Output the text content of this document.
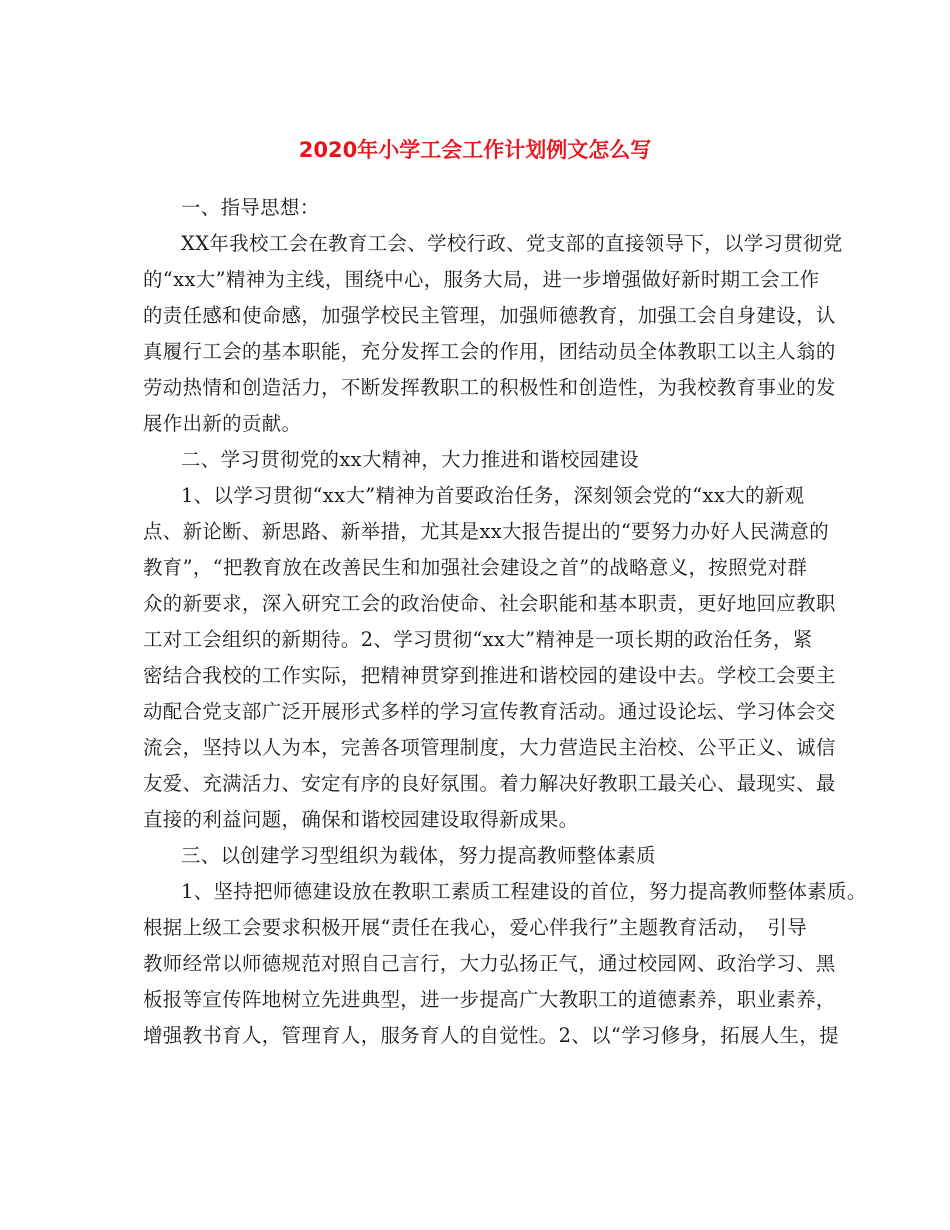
2020年小学工会工作计划例文怎么写
一、指导思想：
XX年我校工会在教育工会、学校行政、党支部的直接领导下，以学习贯彻党
的“xx大”精神为主线，围绕中心，服务大局，进一步增强做好新时期工会工作
的责任感和使命感，加强学校民主管理，加强师德教育，加强工会自身建设，认
真履行工会的基本职能，充分发挥工会的作用，团结动员全体教职工以主人翁的
劳动热情和创造活力，不断发挥教职工的积极性和创造性，为我校教育事业的发
展作出新的贡献。
二、学习贯彻党的xx大精神，大力推进和谐校园建设
1、以学习贯彻“xx大”精神为首要政治任务，深刻领会党的“xx大的新观
点、新论断、新思路、新举措，尤其是xx大报告提出的“要努力办好人民满意的
教育”，“把教育放在改善民生和加强社会建设之首”的战略意义，按照党对群
众的新要求，深入研究工会的政治使命、社会职能和基本职责，更好地回应教职
工对工会组织的新期待。2、学习贯彻“xx大”精神是一项长期的政治任务，紧
密结合我校的工作实际，把精神贯穿到推进和谐校园的建设中去。学校工会要主
动配合党支部广泛开展形式多样的学习宣传教育活动。通过设论坛、学习体会交
流会，坚持以人为本，完善各项管理制度，大力营造民主治校、公平正义、诚信
友爱、充满活力、安定有序的良好氛围。着力解决好教职工最关心、最现实、最
直接的利益问题，确保和谐校园建设取得新成果。
三、以创建学习型组织为载体，努力提高教师整体素质
1、坚持把师德建设放在教职工素质工程建设的首位，努力提高教师整体素质。
根据上级工会要求积极开展“责任在我心，爱心伴我行”主题教育活动，　引导
教师经常以师德规范对照自己言行，大力弘扬正气，通过校园网、政治学习、黑
板报等宣传阵地树立先进典型，进一步提高广大教职工的道德素养，职业素养，
增强教书育人，管理育人，服务育人的自觉性。2、以“学习修身，拓展人生，提
